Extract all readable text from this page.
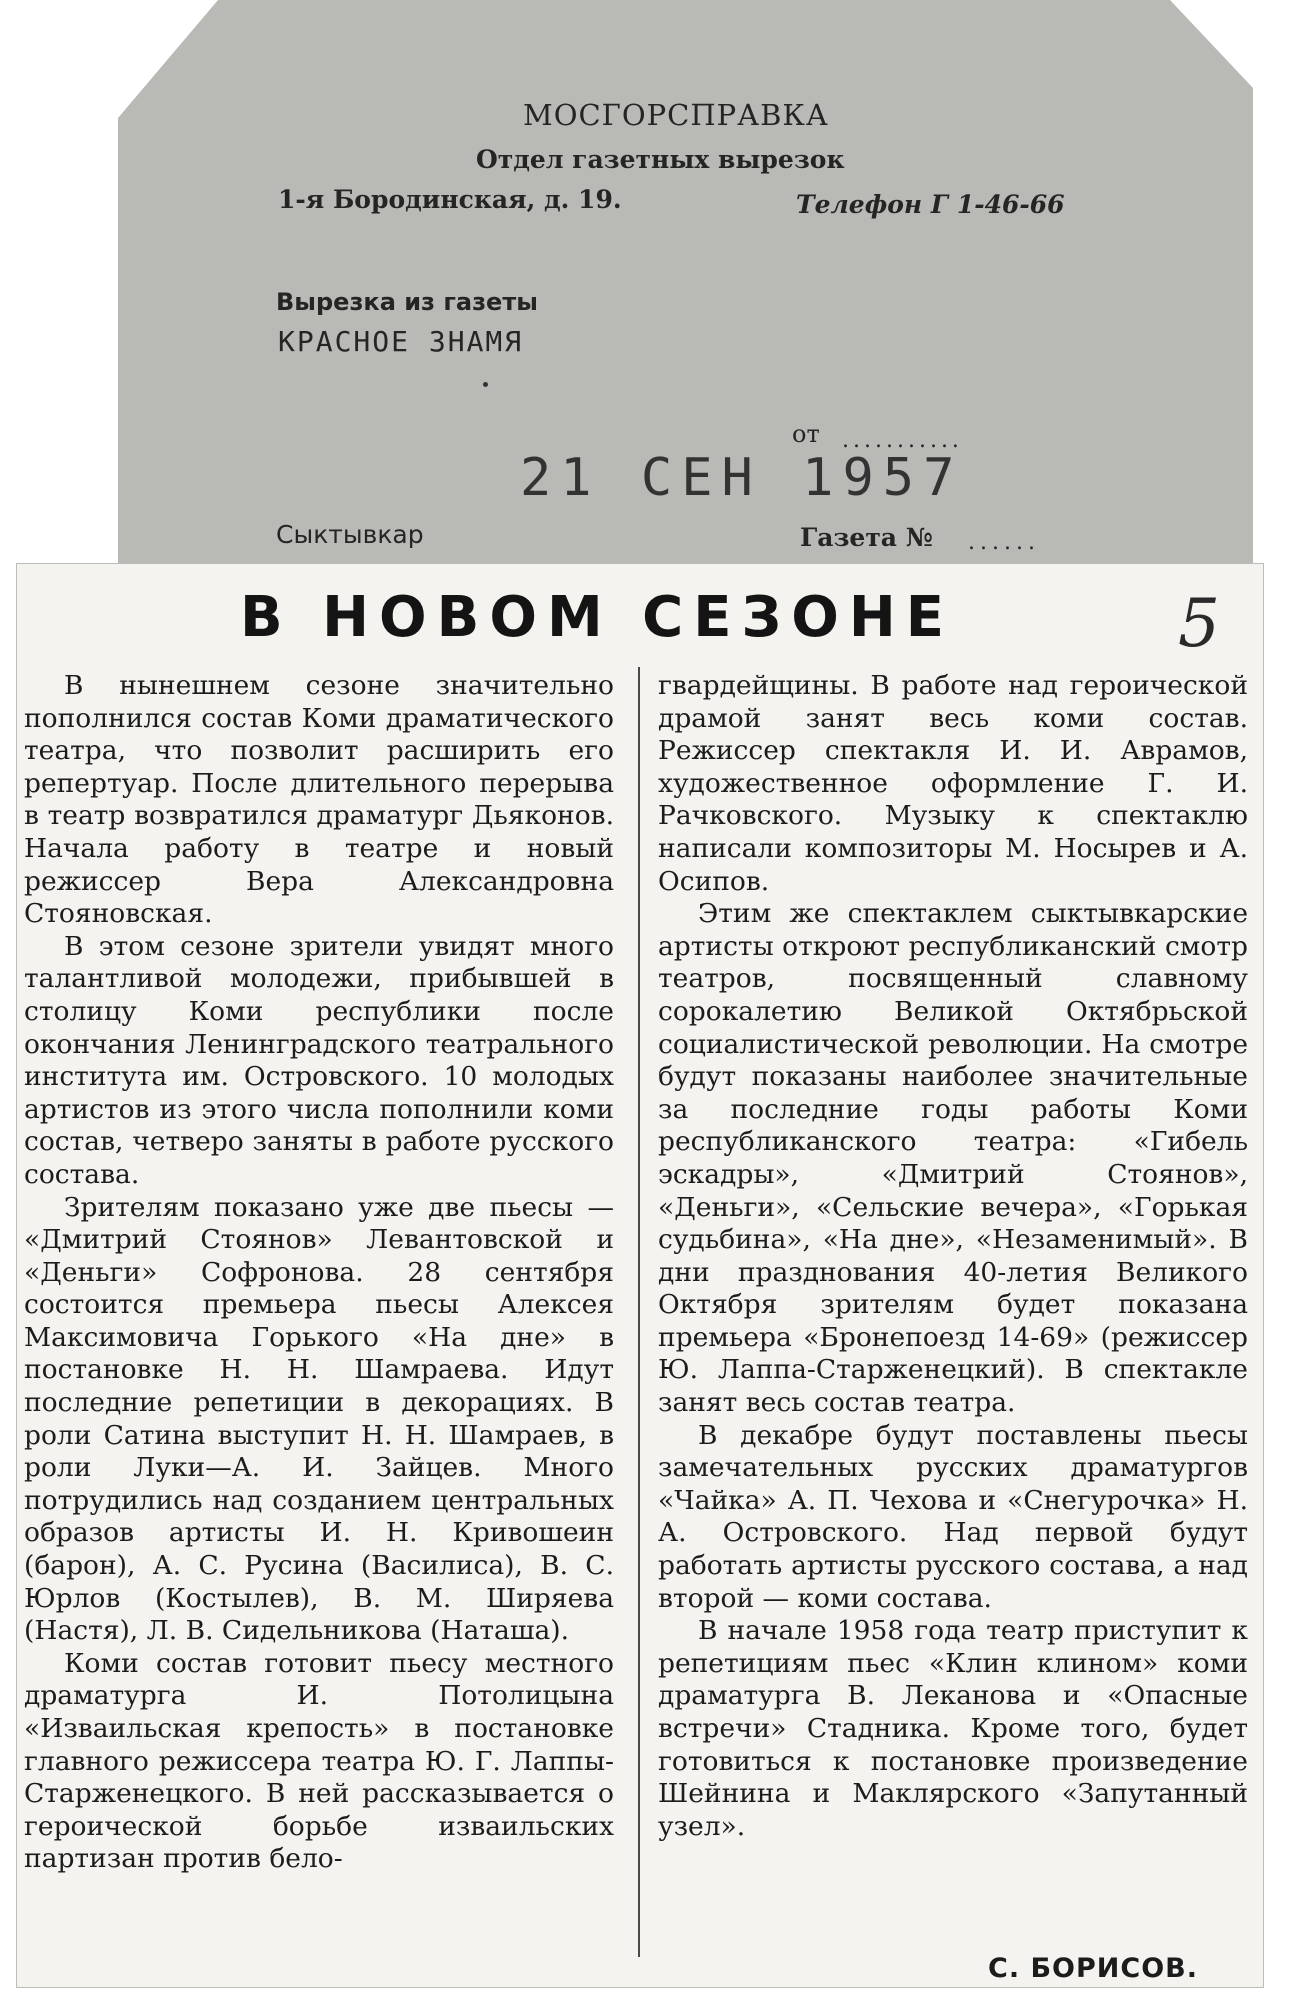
МОСГОРСПРАВКА
Отдел газетных вырезок
1-я Бородинская, д. 19.	Телефон Г 1-46-66
Вырезка из газеты
КРАСНОЕ ЗНАМЯ
от ...........
21 СЕН 1957
Сыктывкар	Газета № ......
В НОВОМ СЕЗОНЕ	5

В нынешнем сезоне значительно пополнился состав Коми драматического театра, что позволит расширить его репертуар. После длительного перерыва в театр возвратился драматург Дьяконов. Начала работу в театре и новый режиссер Вера Александровна Стояновская.

В этом сезоне зрители увидят много талантливой молодежи, прибывшей в столицу Коми республики после окончания Ленинградского театрального института им. Островского. 10 молодых артистов из этого числа пополнили коми состав, четверо заняты в работе русского состава.

Зрителям показано уже две пьесы — «Дмитрий Стоянов» Левантовской и «Деньги» Софронова. 28 сентября состоится премьера пьесы Алексея Максимовича Горького «На дне» в постановке Н. Н. Шамраева. Идут последние репетиции в декорациях. В роли Сатина выступит Н. Н. Шамраев, в роли Луки—А. И. Зайцев. Много потрудились над созданием центральных образов артисты И. Н. Кривошеин (барон), А. С. Русина (Василиса), В. С. Юрлов (Костылев), В. М. Ширяева (Настя), Л. В. Сидельникова (Наташа).

Коми состав готовит пьесу местного драматурга И. Потолицына «Изваильская крепость» в постановке главного режиссера театра Ю. Г. Лаппы-Старженецкого. В ней рассказывается о героической борьбе изваильских партизан против бело-

гвардейщины. В работе над героической драмой занят весь коми состав. Режиссер спектакля И. И. Аврамов, художественное оформление Г. И. Рачковского. Музыку к спектаклю написали композиторы М. Носырев и А. Осипов.

Этим же спектаклем сыктывкарские артисты откроют республиканский смотр театров, посвященный славному сорокалетию Великой Октябрьской социалистической революции. На смотре будут показаны наиболее значительные за последние годы работы Коми республиканского театра: «Гибель эскадры», «Дмитрий Стоянов», «Деньги», «Сельские вечера», «Горькая судьбина», «На дне», «Незаменимый». В дни празднования 40-летия Великого Октября зрителям будет показана премьера «Бронепоезд 14-69» (режиссер Ю. Лаппа-Старженецкий). В спектакле занят весь состав театра.

В декабре будут поставлены пьесы замечательных русских драматургов «Чайка» А. П. Чехова и «Снегурочка» Н. А. Островского. Над первой будут работать артисты русского состава, а над второй — коми состава.

В начале 1958 года театр приступит к репетициям пьес «Клин клином» коми драматурга В. Леканова и «Опасные встречи» Стадника. Кроме того, будет готовиться к постановке произведение Шейнина и Маклярского «Запутанный узел».

С. БОРИСОВ.
